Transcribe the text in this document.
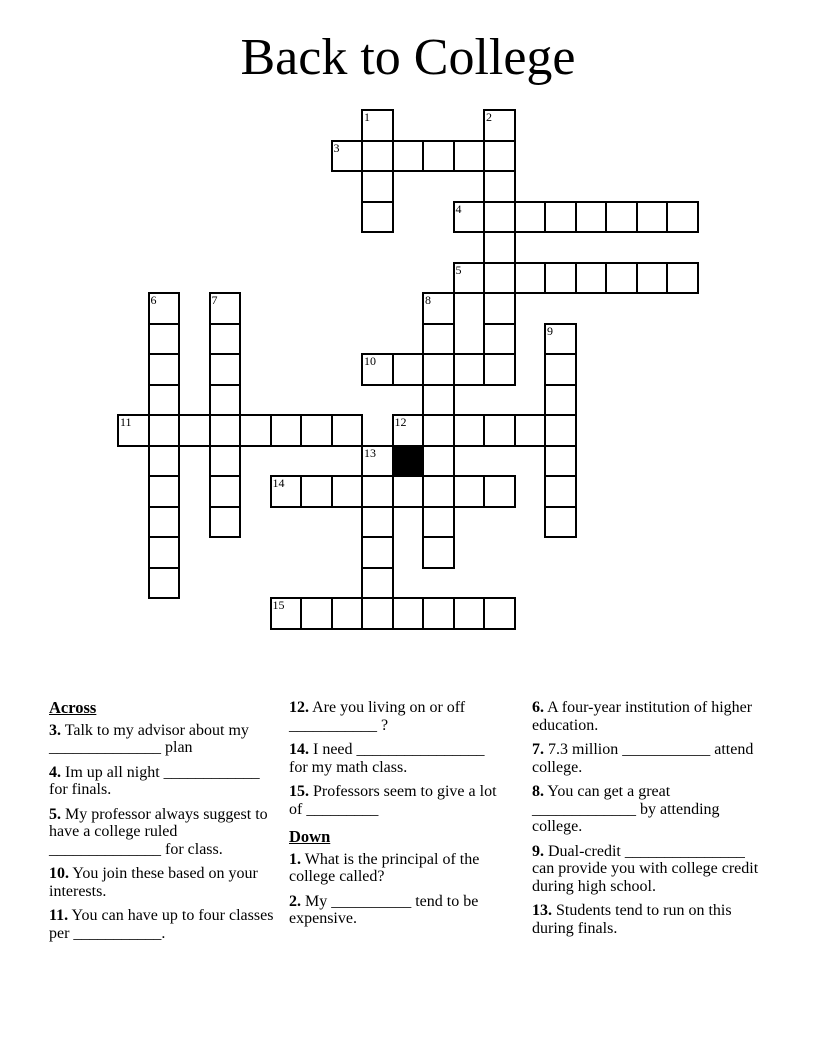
Back to College
1	2
3
4
5
6	7	8
9
10
11	12
13
14
15
Across
3. Talk to my advisor about my ______________ plan
4. Im up all night ____________ for finals.
5. My professor always suggest to have a college ruled ______________ for class.
10. You join these based on your interests.
11. You can have up to four classes per ___________.
12. Are you living on or off ___________ ?
14. I need ________________ for my math class.
15. Professors seem to give a lot of _________
Down
1. What is the principal of the college called?
2. My __________ tend to be expensive.
6. A four-year institution of higher education.
7. 7.3 million ___________ attend college.
8. You can get a great _____________ by attending college.
9. Dual-credit _______________ can provide you with college credit during high school.
13. Students tend to run on this during finals.
